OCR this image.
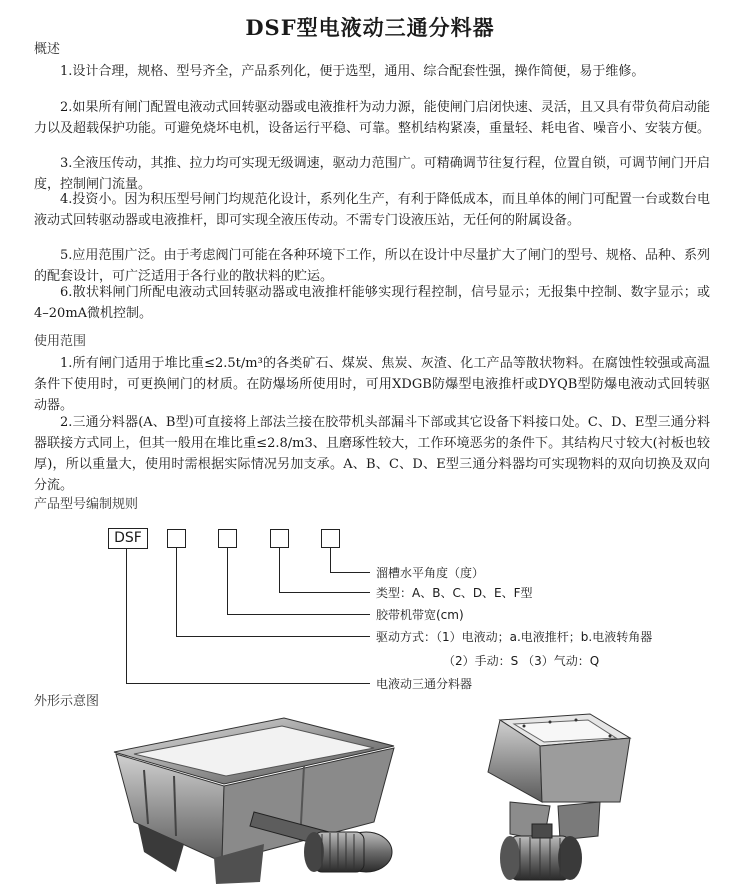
DSF型电液动三通分料器
概述

1.设计合理，规格、型号齐全，产品系列化，便于选型，通用、综合配套性强，操作简便，易于维修。

2.如果所有闸门配置电液动式回转驱动器或电液推杆为动力源，能使闸门启闭快速、灵活，且又具有带负荷启动能力以及超载保护功能。可避免烧坏电机，设备运行平稳、可靠。整机结构紧凑，重量轻、耗电省、噪音小、安装方便。

3.全液压传动，其推、拉力均可实现无级调速，驱动力范围广。可精确调节往复行程，位置自锁，可调节闸门开启度，控制闸门流量。

4.投资小。因为积压型号闸门均规范化设计，系列化生产，有利于降低成本，而且单体的闸门可配置一台或数台电液动式回转驱动器或电液推杆，即可实现全液压传动。不需专门设液压站，无任何的附属设备。

5.应用范围广泛。由于考虑阀门可能在各种环境下工作，所以在设计中尽量扩大了闸门的型号、规格、品种、系列的配套设计，可广泛适用于各行业的散状料的贮运。

6.散状料闸门所配电液动式回转驱动器或电液推杆能够实现行程控制，信号显示；无报集中控制、数字显示；或4–20mA微机控制。

使用范围

1.所有闸门适用于堆比重≤2.5t/m³的各类矿石、煤炭、焦炭、灰渣、化工产品等散状物料。在腐蚀性较强或高温条件下使用时，可更换闸门的材质。在防爆场所使用时，可用XDGB防爆型电液推杆或DYQB型防爆电液动式回转驱动器。

2.三通分料器(A、B型)可直接将上部法兰接在胶带机头部漏斗下部或其它设备下料接口处。C、D、E型三通分料器联接方式同上，但其一般用在堆比重≤2.8/m3、且磨琢性较大，工作环境恶劣的条件下。其结构尺寸较大(衬板也较厚)，所以重量大，使用时需根据实际情况另加支承。A、B、C、D、E型三通分料器均可实现物料的双向切换及双向分流。

产品型号编制规则
DSF
溜槽水平角度（度）
类型：A、B、C、D、E、F型
胶带机带宽(cm)
驱动方式：（1）电液动；a.电液推杆；b.电液转角器
（2）手动：S （3）气动：Q
电液动三通分料器
外形示意图
